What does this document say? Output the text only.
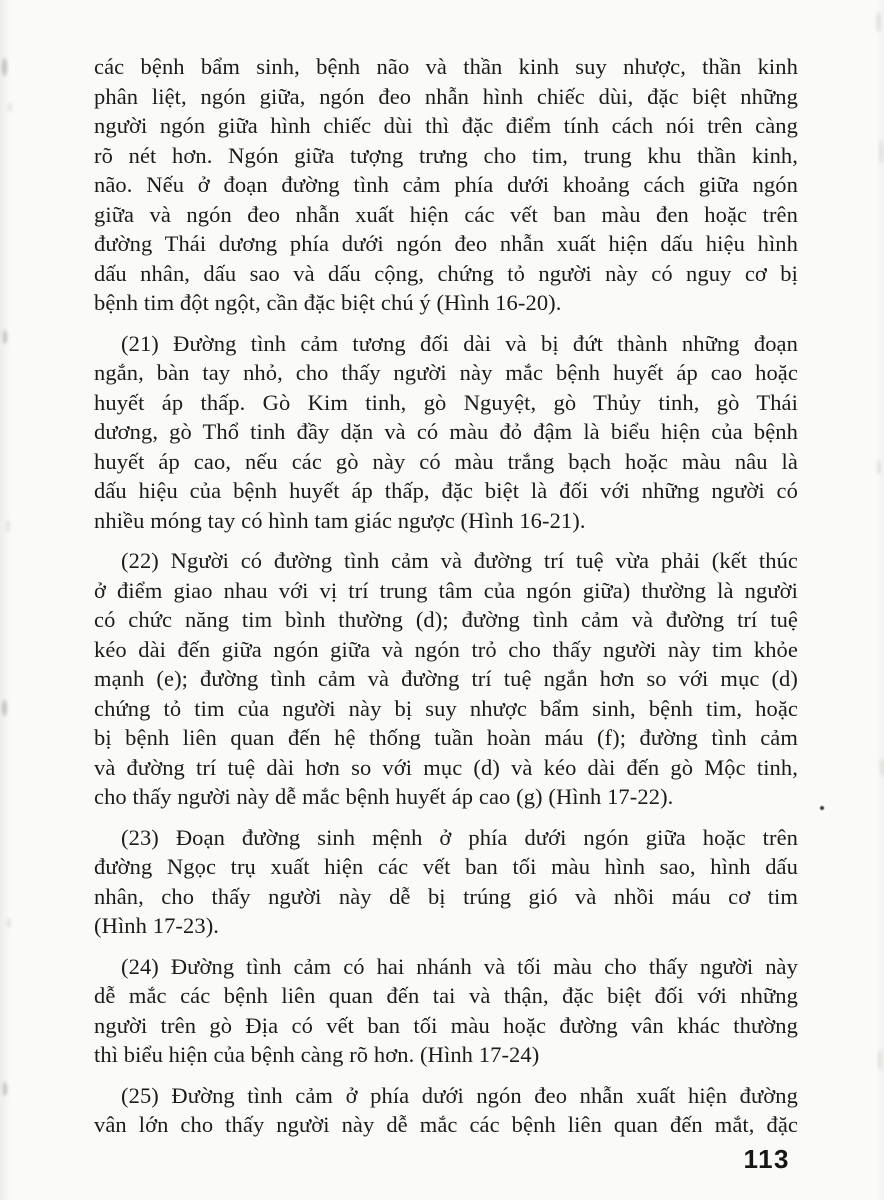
các bệnh bẩm sinh, bệnh não và thần kinh suy nhược, thần kinh
phân liệt, ngón giữa, ngón đeo nhẫn hình chiếc dùi, đặc biệt những
người ngón giữa hình chiếc dùi thì đặc điểm tính cách nói trên càng
rõ nét hơn. Ngón giữa tượng trưng cho tim, trung khu thần kinh,
não. Nếu ở đoạn đường tình cảm phía dưới khoảng cách giữa ngón
giữa và ngón đeo nhẫn xuất hiện các vết ban màu đen hoặc trên
đường Thái dương phía dưới ngón đeo nhẫn xuất hiện dấu hiệu hình
dấu nhân, dấu sao và dấu cộng, chứng tỏ người này có nguy cơ bị
bệnh tim đột ngột, cần đặc biệt chú ý (Hình 16-20).
(21) Đường tình cảm tương đối dài và bị đứt thành những đoạn
ngắn, bàn tay nhỏ, cho thấy người này mắc bệnh huyết áp cao hoặc
huyết áp thấp. Gò Kim tinh, gò Nguyệt, gò Thủy tinh, gò Thái
dương, gò Thổ tinh đầy dặn và có màu đỏ đậm là biểu hiện của bệnh
huyết áp cao, nếu các gò này có màu trắng bạch hoặc màu nâu là
dấu hiệu của bệnh huyết áp thấp, đặc biệt là đối với những người có
nhiều móng tay có hình tam giác ngược (Hình 16-21).
(22) Người có đường tình cảm và đường trí tuệ vừa phải (kết thúc
ở điểm giao nhau với vị trí trung tâm của ngón giữa) thường là người
có chức năng tim bình thường (d); đường tình cảm và đường trí tuệ
kéo dài đến giữa ngón giữa và ngón trỏ cho thấy người này tim khỏe
mạnh (e); đường tình cảm và đường trí tuệ ngắn hơn so với mục (d)
chứng tỏ tim của người này bị suy nhược bẩm sinh, bệnh tim, hoặc
bị bệnh liên quan đến hệ thống tuần hoàn máu (f); đường tình cảm
và đường trí tuệ dài hơn so với mục (d) và kéo dài đến gò Mộc tinh,
cho thấy người này dễ mắc bệnh huyết áp cao (g) (Hình 17-22).
(23) Đoạn đường sinh mệnh ở phía dưới ngón giữa hoặc trên
đường Ngọc trụ xuất hiện các vết ban tối màu hình sao, hình dấu
nhân, cho thấy người này dễ bị trúng gió và nhồi máu cơ tim
(Hình 17-23).
(24) Đường tình cảm có hai nhánh và tối màu cho thấy người này
dễ mắc các bệnh liên quan đến tai và thận, đặc biệt đối với những
người trên gò Địa có vết ban tối màu hoặc đường vân khác thường
thì biểu hiện của bệnh càng rõ hơn. (Hình 17-24)
(25) Đường tình cảm ở phía dưới ngón đeo nhẫn xuất hiện đường
vân lớn cho thấy người này dễ mắc các bệnh liên quan đến mắt, đặc
113
